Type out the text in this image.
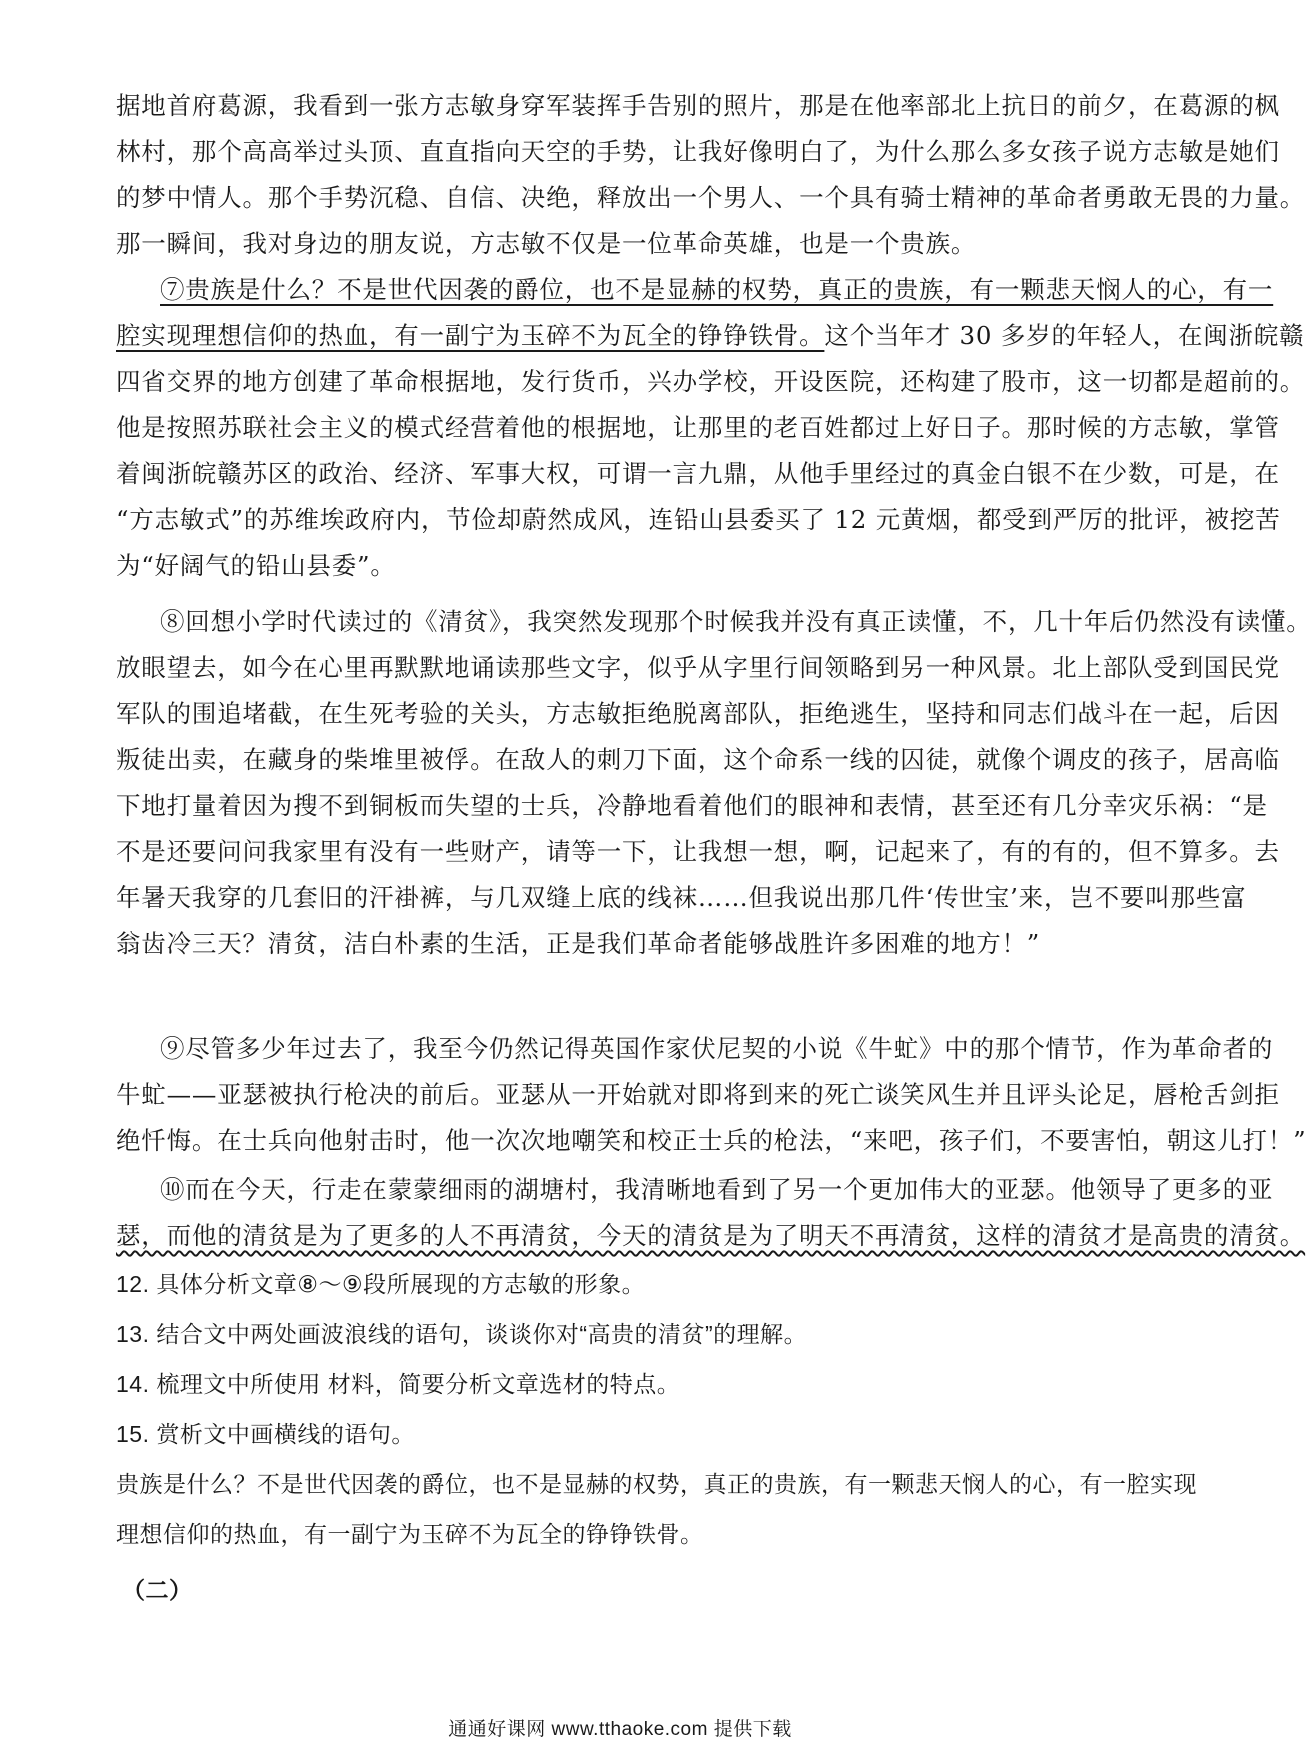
据地首府葛源，我看到一张方志敏身穿军装挥手告别的照片，那是在他率部北上抗日的前夕，在葛源的枫
林村，那个高高举过头顶、直直指向天空的手势，让我好像明白了，为什么那么多女孩子说方志敏是她们
的梦中情人。那个手势沉稳、自信、决绝，释放出一个男人、一个具有骑士精神的革命者勇敢无畏的力量。
那一瞬间，我对身边的朋友说，方志敏不仅是一位革命英雄，也是一个贵族。
⑦贵族是什么？不是世代因袭的爵位，也不是显赫的权势，真正的贵族，有一颗悲天悯人的心，有一
腔实现理想信仰的热血，有一副宁为玉碎不为瓦全的铮铮铁骨。这个当年才 30 多岁的年轻人，在闽浙皖赣
四省交界的地方创建了革命根据地，发行货币，兴办学校，开设医院，还构建了股市，这一切都是超前的。
他是按照苏联社会主义的模式经营着他的根据地，让那里的老百姓都过上好日子。那时候的方志敏，掌管
着闽浙皖赣苏区的政治、经济、军事大权，可谓一言九鼎，从他手里经过的真金白银不在少数，可是，在
“方志敏式”的苏维埃政府内，节俭却蔚然成风，连铅山县委买了 12 元黄烟，都受到严厉的批评，被挖苦
为“好阔气的铅山县委”。
⑧回想小学时代读过的《清贫》，我突然发现那个时候我并没有真正读懂，不，几十年后仍然没有读懂。
放眼望去，如今在心里再默默地诵读那些文字，似乎从字里行间领略到另一种风景。北上部队受到国民党
军队的围追堵截，在生死考验的关头，方志敏拒绝脱离部队，拒绝逃生，坚持和同志们战斗在一起，后因
叛徒出卖，在藏身的柴堆里被俘。在敌人的刺刀下面，这个命系一线的囚徒，就像个调皮的孩子，居高临
下地打量着因为搜不到铜板而失望的士兵，冷静地看着他们的眼神和表情，甚至还有几分幸灾乐祸：“是
不是还要问问我家里有没有一些财产，请等一下，让我想一想，啊，记起来了，有的有的，但不算多。去
年暑天我穿的几套旧的汗褂裤，与几双缝上底的线袜……但我说出那几件‘传世宝’来，岂不要叫那些富
翁齿冷三天？清贫，洁白朴素的生活，正是我们革命者能够战胜许多困难的地方！”
⑨尽管多少年过去了，我至今仍然记得英国作家伏尼契的小说《牛虻》中的那个情节，作为革命者的
牛虻——亚瑟被执行枪决的前后。亚瑟从一开始就对即将到来的死亡谈笑风生并且评头论足，唇枪舌剑拒
绝忏悔。在士兵向他射击时，他一次次地嘲笑和校正士兵的枪法，“来吧，孩子们，不要害怕，朝这儿打！”
⑩而在今天，行走在蒙蒙细雨的湖塘村，我清晰地看到了另一个更加伟大的亚瑟。他领导了更多的亚
瑟，而他的清贫是为了更多的人不再清贫，今天的清贫是为了明天不再清贫，这样的清贫才是高贵的清贫。
12. 具体分析文章⑧～⑨段所展现的方志敏的形象。
13. 结合文中两处画波浪线的语句，谈谈你对“高贵的清贫”的理解。
14. 梳理文中所使用 材料，简要分析文章选材的特点。
15. 赏析文中画横线的语句。
贵族是什么？不是世代因袭的爵位，也不是显赫的权势，真正的贵族，有一颗悲天悯人的心，有一腔实现
理想信仰的热血，有一副宁为玉碎不为瓦全的铮铮铁骨。
（二）
通通好课网 www.tthaoke.com 提供下载
